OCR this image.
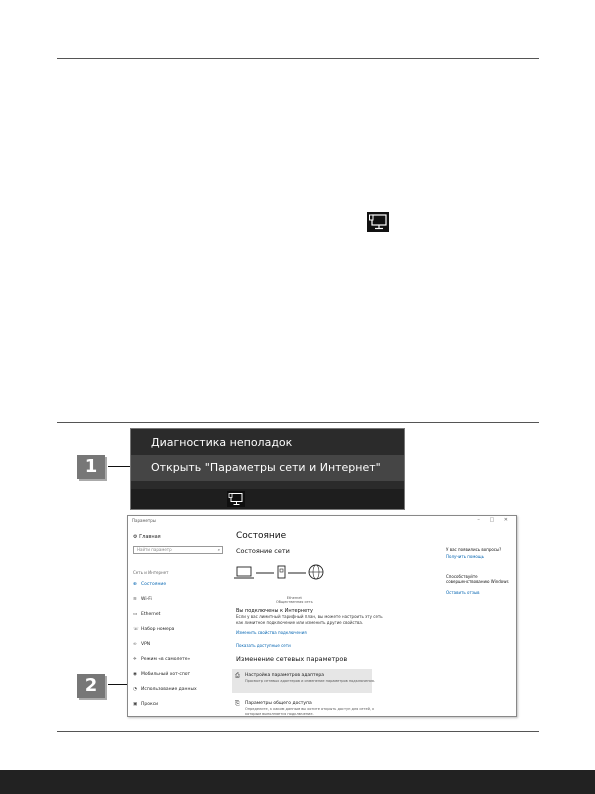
1
Диагностика неполадок
Открыть "Параметры сети и Интернет"
2
Параметры	– □ ✕
⚙ Главная
Найти параметр	⌕
Сеть и Интернет
⊕ Состояние
≋ Wi-Fi
▭ Ethernet
☏ Набор номера
∞ VPN
✈ Режим «в самолете»
◉ Мобильный хот-спот
◔ Использование данных
▣ Прокси
Состояние
Состояние сети
Ethernet
Общественная сеть
Вы подключены к Интернету
Если у вас лимитный тарифный план, вы можете настроить эту сеть как лимитное подключение или изменить другие свойства.
Изменить свойства подключения
Показать доступные сети
Изменение сетевых параметров
⎙ Настройка параметров адаптера
Просмотр сетевых адаптеров и изменение параметров подключения.
⎘ Параметры общего доступа
Определите, к каким данным вы хотите открыть доступ для сетей, к которым выполняется подключение.
У вас появились вопросы?
Получить помощь
Способствуйте совершенствованию Windows
Оставить отзыв
